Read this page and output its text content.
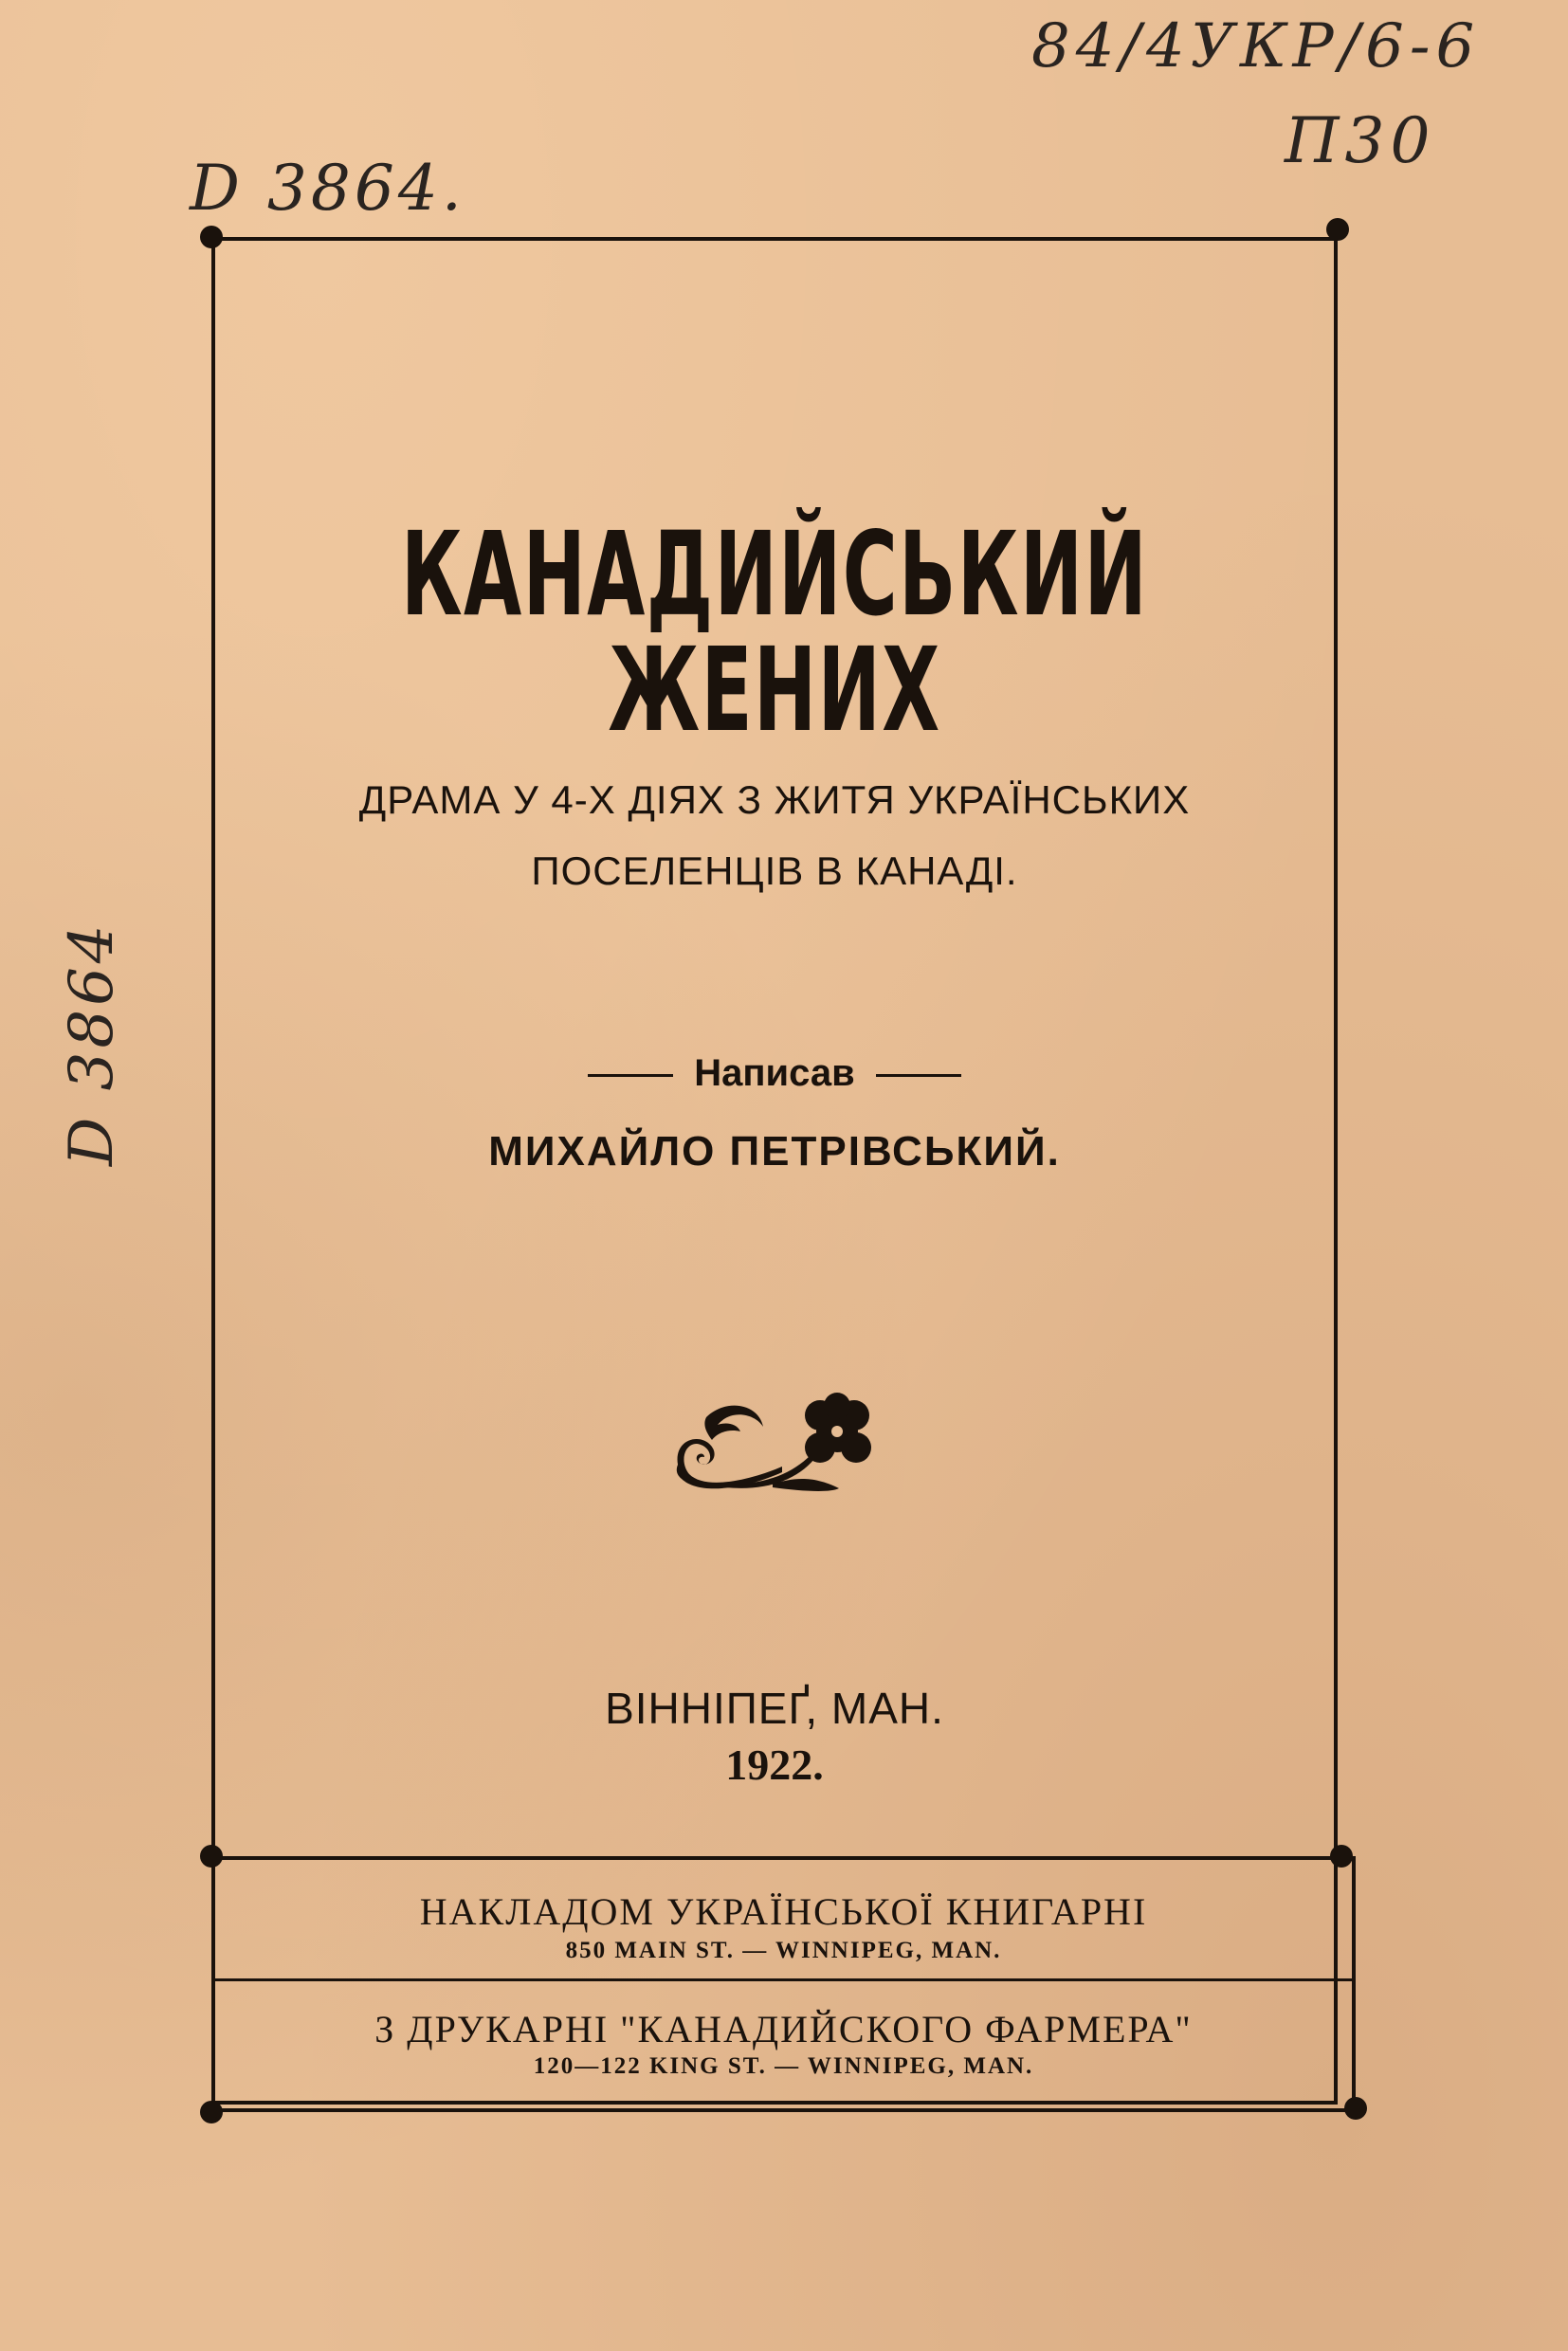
D 3864.
84/4УКР/6-6
П30
D 3864
КАНАДИЙСЬКИЙ ЖЕНИХ
ДРАМА У 4-Х ДІЯХ З ЖИТЯ УКРАЇНСЬКИХ
ПОСЕЛЕНЦІВ В КАНАДІ.
Написав
МИХАЙЛО ПЕТРІВСЬКИЙ.
ВІННІПЕҐ, МАН.
1922.
НАКЛАДОМ УКРАЇНСЬКОЇ КНИГАРНІ
850 MAIN ST. — WINNIPEG, MAN.
З ДРУКАРНІ "КАНАДИЙСКОГО ФАРМЕРА"
120—122 KING ST. — WINNIPEG, MAN.
